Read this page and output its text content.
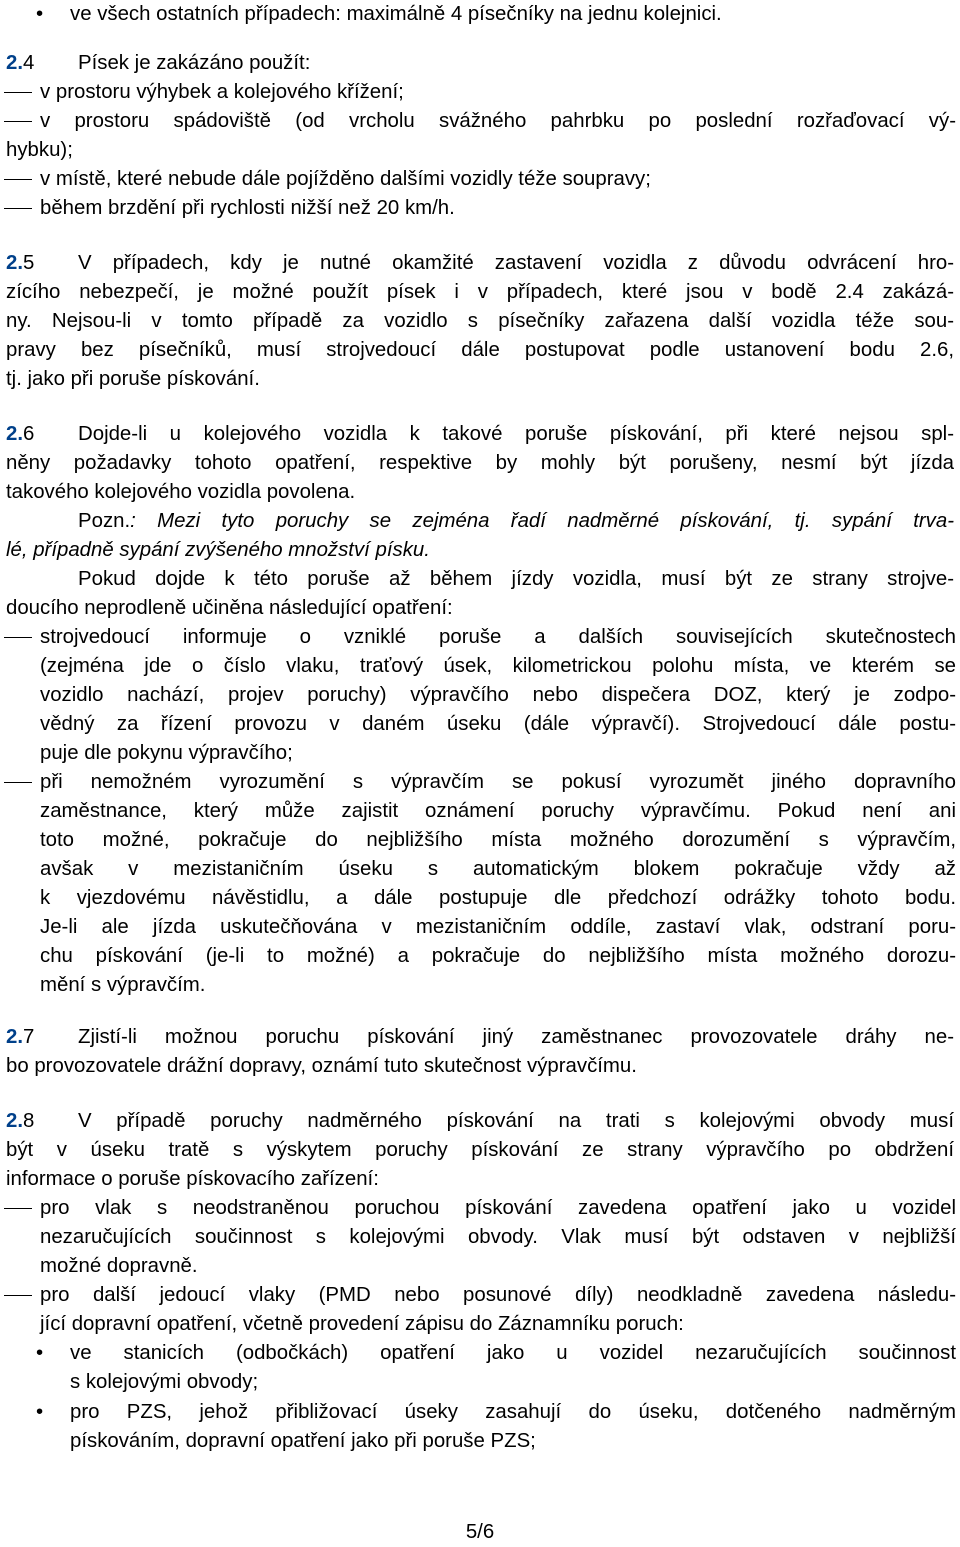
• ve všech ostatních případech: maximálně 4 písečníky na jednu kolejnici.
2.4 Písek je zakázáno použít:
v prostoru výhybek a kolejového křížení;
v prostoru spádoviště (od vrcholu svážného pahrbku po poslední rozřaďovací vý-
hybku);
v místě, které nebude dále pojížděno dalšími vozidly téže soupravy;
během brzdění při rychlosti nižší než 20 km/h.
2.5 V případech, kdy je nutné okamžité zastavení vozidla z důvodu odvrácení hro-
zícího nebezpečí, je možné použít písek i v případech, které jsou v bodě 2.4 zakázá-
ny. Nejsou-li v tomto případě za vozidlo s písečníky zařazena další vozidla téže sou-
pravy bez písečníků, musí strojvedoucí dále postupovat podle ustanovení bodu 2.6,
tj. jako při poruše pískování.
2.6 Dojde-li u kolejového vozidla k takové poruše pískování, při které nejsou spl-
něny požadavky tohoto opatření, respektive by mohly být porušeny, nesmí být jízda
takového kolejového vozidla povolena.
Pozn.: Mezi tyto poruchy se zejména řadí nadměrné pískování, tj. sypání trva-
lé, případně sypání zvýšeného množství písku.
Pokud dojde k této poruše až během jízdy vozidla, musí být ze strany strojve-
doucího neprodleně učiněna následující opatření:
strojvedoucí informuje o vzniklé poruše a dalších souvisejících skutečnostech
(zejména jde o číslo vlaku, traťový úsek, kilometrickou polohu místa, ve kterém se
vozidlo nachází, projev poruchy) výpravčího nebo dispečera DOZ, který je zodpo-
vědný za řízení provozu v daném úseku (dále výpravčí). Strojvedoucí dále postu-
puje dle pokynu výpravčího;
při nemožném vyrozumění s výpravčím se pokusí vyrozumět jiného dopravního
zaměstnance, který může zajistit oznámení poruchy výpravčímu. Pokud není ani
toto možné, pokračuje do nejbližšího místa možného dorozumění s výpravčím,
avšak v mezistaničním úseku s automatickým blokem pokračuje vždy až
k vjezdovému návěstidlu, a dále postupuje dle předchozí odrážky tohoto bodu.
Je-li ale jízda uskutečňována v mezistaničním oddíle, zastaví vlak, odstraní poru-
chu pískování (je-li to možné) a pokračuje do nejbližšího místa možného dorozu-
mění s výpravčím.
2.7 Zjistí-li možnou poruchu pískování jiný zaměstnanec provozovatele dráhy ne-
bo provozovatele drážní dopravy, oznámí tuto skutečnost výpravčímu.
2.8 V případě poruchy nadměrného pískování na trati s kolejovými obvody musí
být v úseku tratě s výskytem poruchy pískování ze strany výpravčího po obdržení
informace o poruše pískovacího zařízení:
pro vlak s neodstraněnou poruchou pískování zavedena opatření jako u vozidel
nezaručujících součinnost s kolejovými obvody. Vlak musí být odstaven v nejbližší
možné dopravně.
pro další jedoucí vlaky (PMD nebo posunové díly) neodkladně zavedena následu-
jící dopravní opatření, včetně provedení zápisu do Záznamníku poruch:
• ve stanicích (odbočkách) opatření jako u vozidel nezaručujících součinnost
s kolejovými obvody;
• pro PZS, jehož přibližovací úseky zasahují do úseku, dotčeného nadměrným
pískováním, dopravní opatření jako při poruše PZS;
5/6
